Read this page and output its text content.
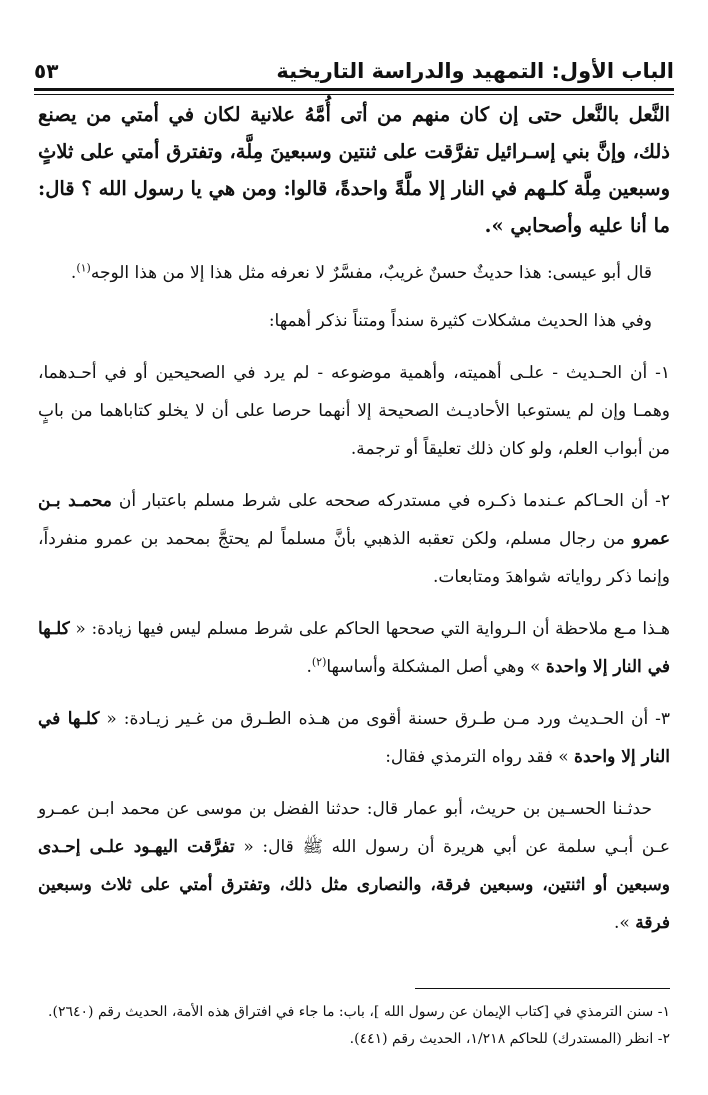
الباب الأول: التمهيد والدراسة التاريخية
٥٣

النَّعل بالنَّعل حتى إن كان منهم من أتى أُمَّهُ علانية لكان في أمتي من يصنع ذلك، وإنَّ بني إسـرائيل تفرَّقت على ثنتين وسبعينَ مِلَّة، وتفترق أمتي على ثلاثٍ وسبعين مِلَّة كلـهم في النار إلا ملَّةً واحدةً، قالوا: ومن هي يا رسول الله ؟ قال: ما أنا عليه وأصحابي ».

قال أبو عيسى: هذا حديثٌ حسنٌ غريبٌ، مفسَّرٌ لا نعرفه مثل هذا إلا من هذا الوجه$^{(١)}$.

وفي هذا الحديث مشكلات كثيرة سنداً ومتناً نذكر أهمها:

١- أن الحـديث - علـى أهميته، وأهمية موضوعه - لم يرد في الصحيحين أو في أحـدهما، وهمـا وإن لم يستوعبا الأحاديـث الصحيحة إلا أنهما حرصا على أن لا يخلو كتاباهما من بابٍ من أبواب العلم، ولو كان ذلك تعليقاً أو ترجمة.

٢- أن الحـاكم عـندما ذكـره في مستدركه صححه على شرط مسلم باعتبار أن محمـد بـن عمرو من رجال مسلم، ولكن تعقبه الذهبي بأنَّ مسلماً لم يحتجَّ بمحمد بن عمرو منفرداً، وإنما ذكر رواياته شواهدَ ومتابعات.

هـذا مـع ملاحظة أن الـرواية التي صححها الحاكم على شرط مسلم ليس فيها زيادة: « كلـها في النار إلا واحدة » وهي أصل المشكلة وأساسها$^{(٢)}$.

٣- أن الحـديث ورد مـن طـرق حسنة أقوى من هـذه الطـرق من غـير زيـادة: « كلـها في النار إلا واحدة » فقد رواه الترمذي فقال:

حدثـنا الحسـين بن حريث، أبو عمار قال: حدثنا الفضل بن موسى عن محمد ابـن عمـرو عـن أبـي سلمة عن أبي هريرة أن رسول الله ﷺ قال: « تفرَّقت اليهـود علـى إحـدى وسبعين أو اثنتين، وسبعين فرقة، والنصارى مثل ذلك، وتفترق أمتي على ثلاث وسبعين فرقة ».

١- سنن الترمذي في [كتاب الإيمان عن رسول الله ]، باب: ما جاء في افتراق هذه الأمة، الحديث رقم (٢٦٤٠).

٢- انظر (المستدرك) للحاكم ١/٢١٨، الحديث رقم (٤٤١).
